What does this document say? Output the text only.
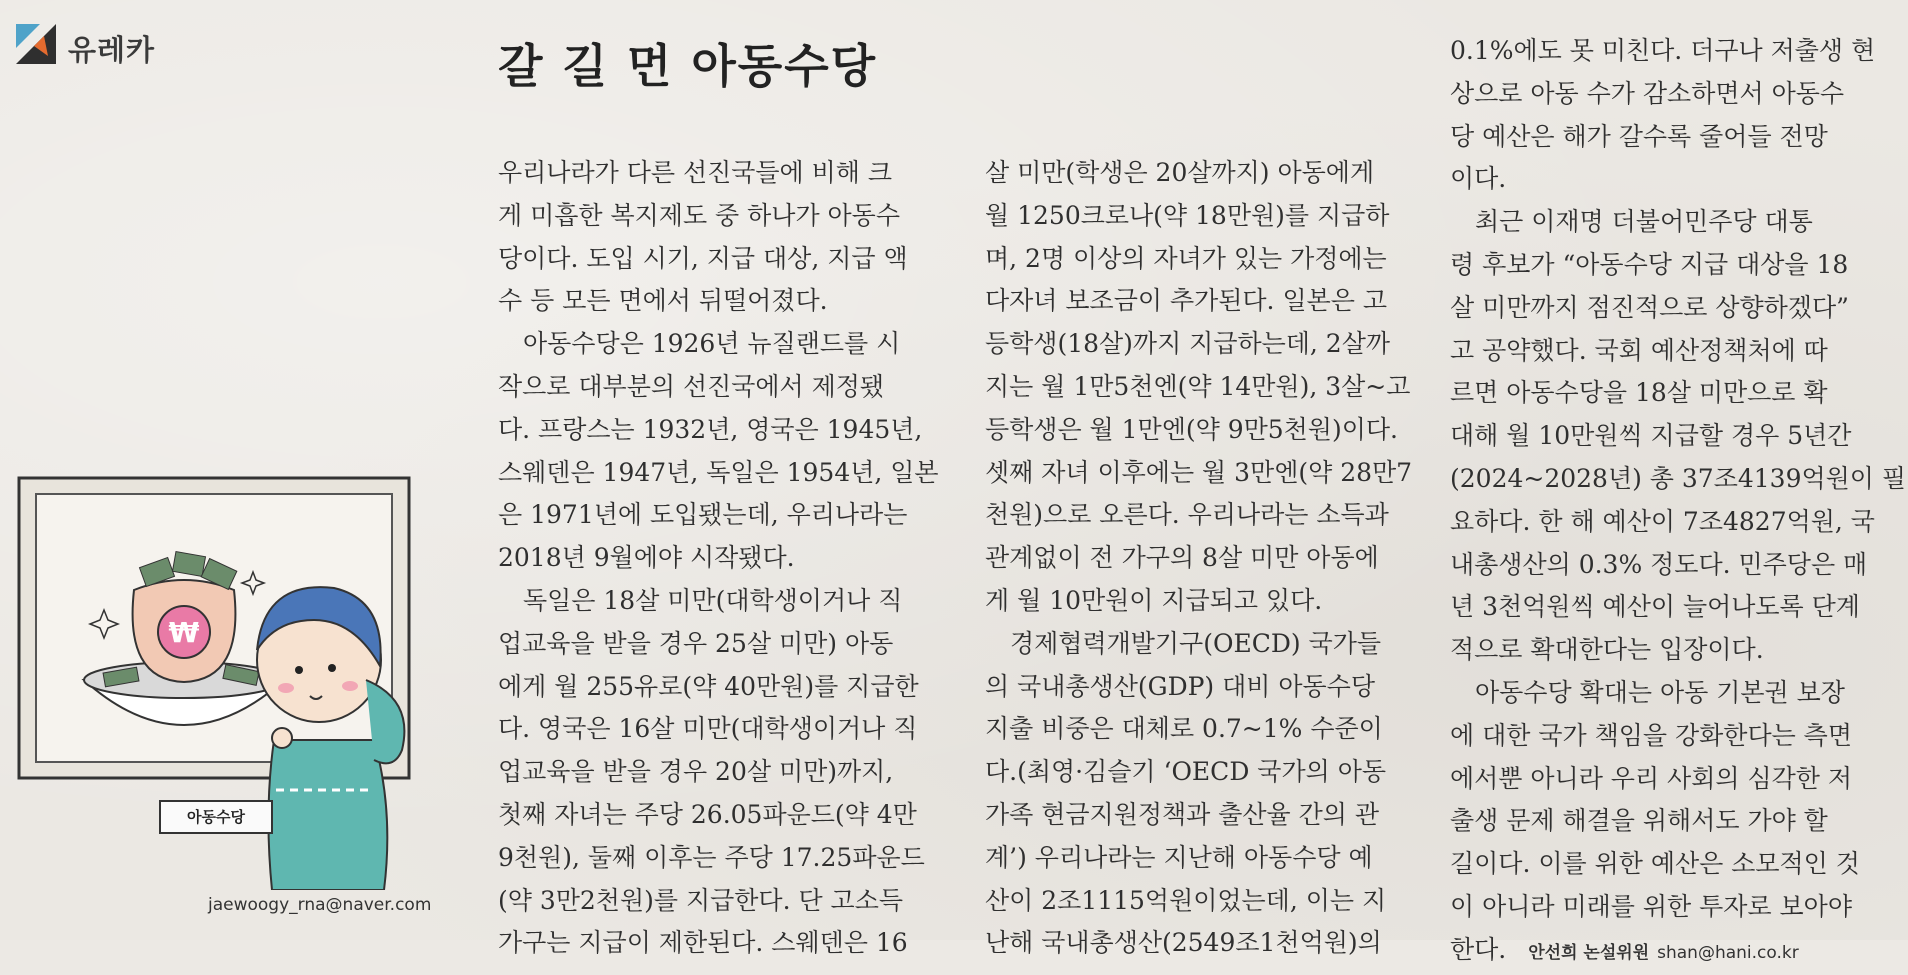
유레카	갈 길 먼 아동수당
우리나라가 다른 선진국들에 비해 크
게 미흡한 복지제도 중 하나가 아동수
당이다. 도입 시기, 지급 대상, 지급 액
수 등 모든 면에서 뒤떨어졌다.
　아동수당은 1926년 뉴질랜드를 시
작으로 대부분의 선진국에서 제정됐
다. 프랑스는 1932년, 영국은 1945년,
스웨덴은 1947년, 독일은 1954년, 일본
은 1971년에 도입됐는데, 우리나라는
2018년 9월에야 시작됐다.
　독일은 18살 미만(대학생이거나 직
업교육을 받을 경우 25살 미만) 아동
에게 월 255유로(약 40만원)를 지급한
다. 영국은 16살 미만(대학생이거나 직
업교육을 받을 경우 20살 미만)까지,
첫째 자녀는 주당 26.05파운드(약 4만
9천원), 둘째 이후는 주당 17.25파운드
(약 3만2천원)를 지급한다. 단 고소득
가구는 지급이 제한된다. 스웨덴은 16
살 미만(학생은 20살까지) 아동에게
월 1250크로나(약 18만원)를 지급하
며, 2명 이상의 자녀가 있는 가정에는
다자녀 보조금이 추가된다. 일본은 고
등학생(18살)까지 지급하는데, 2살까
지는 월 1만5천엔(약 14만원), 3살~고
등학생은 월 1만엔(약 9만5천원)이다.
셋째 자녀 이후에는 월 3만엔(약 28만7
천원)으로 오른다. 우리나라는 소득과
관계없이 전 가구의 8살 미만 아동에
게 월 10만원이 지급되고 있다.
　경제협력개발기구(OECD) 국가들
의 국내총생산(GDP) 대비 아동수당
지출 비중은 대체로 0.7~1% 수준이
다.(최영·김슬기 ‘OECD 국가의 아동
가족 현금지원정책과 출산율 간의 관
계’) 우리나라는 지난해 아동수당 예
산이 2조1115억원이었는데, 이는 지
난해 국내총생산(2549조1천억원)의
0.1%에도 못 미친다. 더구나 저출생 현
상으로 아동 수가 감소하면서 아동수
당 예산은 해가 갈수록 줄어들 전망
이다.
　최근 이재명 더불어민주당 대통
령 후보가 “아동수당 지급 대상을 18
살 미만까지 점진적으로 상향하겠다”
고 공약했다. 국회 예산정책처에 따
르면 아동수당을 18살 미만으로 확
대해 월 10만원씩 지급할 경우 5년간
(2024~2028년) 총 37조4139억원이 필
요하다. 한 해 예산이 7조4827억원, 국
내총생산의 0.3% 정도다. 민주당은 매
년 3천억원씩 예산이 늘어나도록 단계
적으로 확대한다는 입장이다.
　아동수당 확대는 아동 기본권 보장
에 대한 국가 책임을 강화한다는 측면
에서뿐 아니라 우리 사회의 심각한 저
출생 문제 해결을 위해서도 가야 할
길이다. 이를 위한 예산은 소모적인 것
이 아니라 미래를 위한 투자로 보아야
한다. 안선희 논설위원 shan@hani.co.kr
₩
아동수당
jaewoogy_rna@naver.com
